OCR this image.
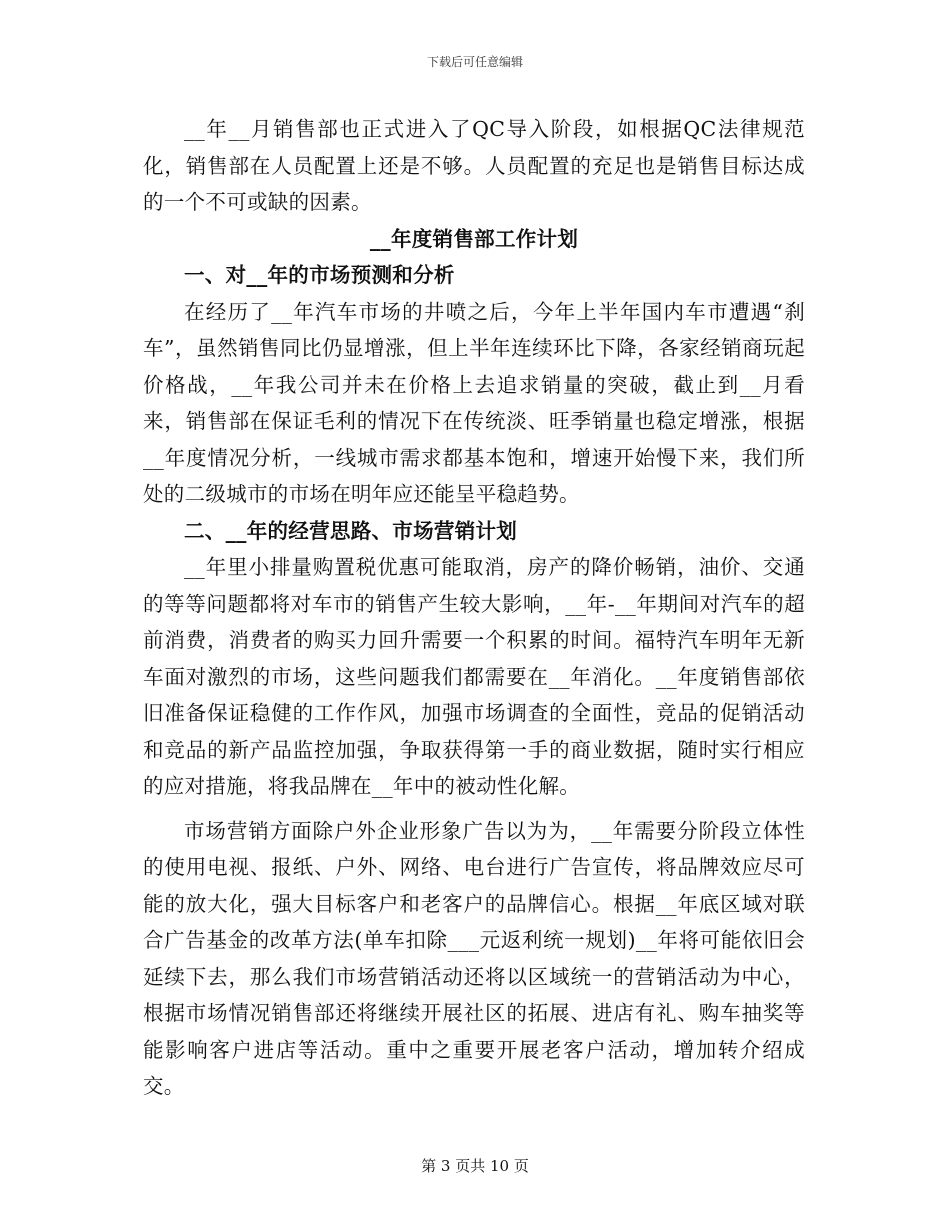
下载后可任意编辑

__年__月销售部也正式进入了QC导入阶段，如根据QC法律规范化，销售部在人员配置上还是不够。人员配置的充足也是销售目标达成的一个不可或缺的因素。

__年度销售部工作计划

一、对__年的市场预测和分析

在经历了__年汽车市场的井喷之后，今年上半年国内车市遭遇“刹车”，虽然销售同比仍显增涨，但上半年连续环比下降，各家经销商玩起价格战，__年我公司并未在价格上去追求销量的突破，截止到__月看来，销售部在保证毛利的情况下在传统淡、旺季销量也稳定增涨，根据__年度情况分析，一线城市需求都基本饱和，增速开始慢下来，我们所处的二级城市的市场在明年应还能呈平稳趋势。

二、__年的经营思路、市场营销计划

__年里小排量购置税优惠可能取消，房产的降价畅销，油价、交通的等等问题都将对车市的销售产生较大影响，__年-__年期间对汽车的超前消费，消费者的购买力回升需要一个积累的时间。福特汽车明年无新车面对激烈的市场，这些问题我们都需要在__年消化。__年度销售部依旧准备保证稳健的工作作风，加强市场调查的全面性，竞品的促销活动和竞品的新产品监控加强，争取获得第一手的商业数据，随时实行相应的应对措施，将我品牌在__年中的被动性化解。

市场营销方面除户外企业形象广告以为为，__年需要分阶段立体性的使用电视、报纸、户外、网络、电台进行广告宣传，将品牌效应尽可能的放大化，强大目标客户和老客户的品牌信心。根据__年底区域对联合广告基金的改革方法(单车扣除___元返利统一规划)__年将可能依旧会延续下去，那么我们市场营销活动还将以区域统一的营销活动为中心，根据市场情况销售部还将继续开展社区的拓展、进店有礼、购车抽奖等能影响客户进店等活动。重中之重要开展老客户活动，增加转介绍成交。

第 3 页共 10 页
